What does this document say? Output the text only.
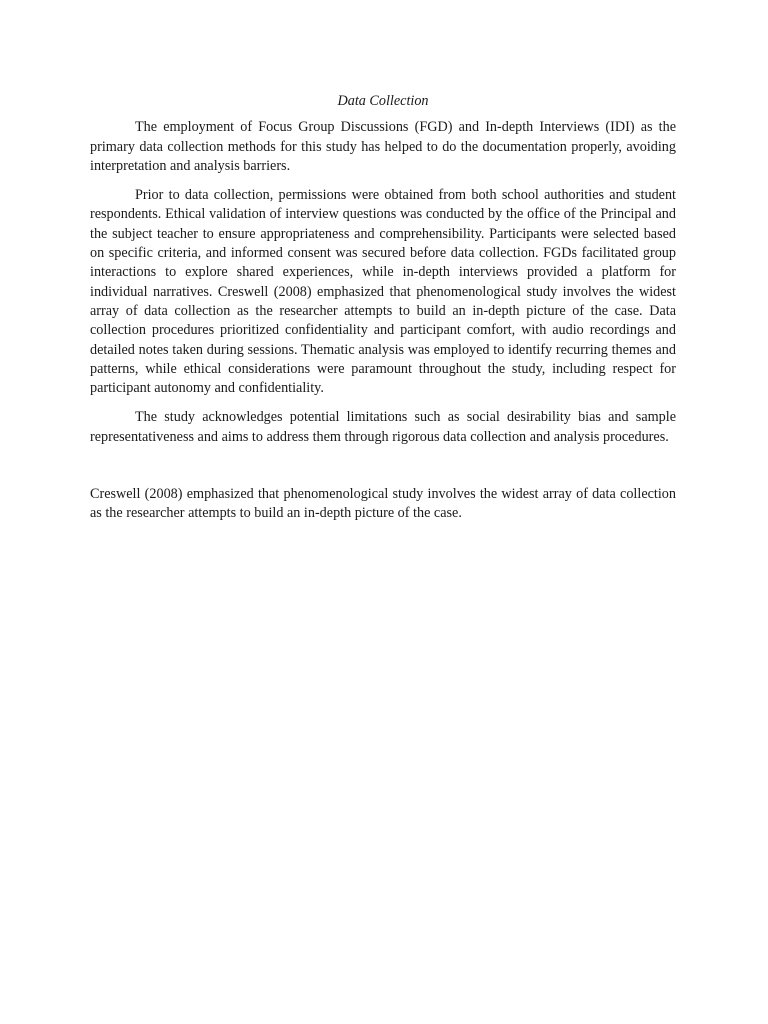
Data Collection

The employment of Focus Group Discussions (FGD) and In-depth Interviews (IDI) as the primary data collection methods for this study has helped to do the documentation properly, avoiding interpretation and analysis barriers.

Prior to data collection, permissions were obtained from both school authorities and student respondents. Ethical validation of interview questions was conducted by the office of the Principal and the subject teacher to ensure appropriateness and comprehensibility. Participants were selected based on specific criteria, and informed consent was secured before data collection. FGDs facilitated group interactions to explore shared experiences, while in-depth interviews provided a platform for individual narratives. Creswell (2008) emphasized that phenomenological study involves the widest array of data collection as the researcher attempts to build an in-depth picture of the case. Data collection procedures prioritized confidentiality and participant comfort, with audio recordings and detailed notes taken during sessions. Thematic analysis was employed to identify recurring themes and patterns, while ethical considerations were paramount throughout the study, including respect for participant autonomy and confidentiality.

The study acknowledges potential limitations such as social desirability bias and sample representativeness and aims to address them through rigorous data collection and analysis procedures.

Creswell (2008) emphasized that phenomenological study involves the widest array of data collection as the researcher attempts to build an in-depth picture of the case.
